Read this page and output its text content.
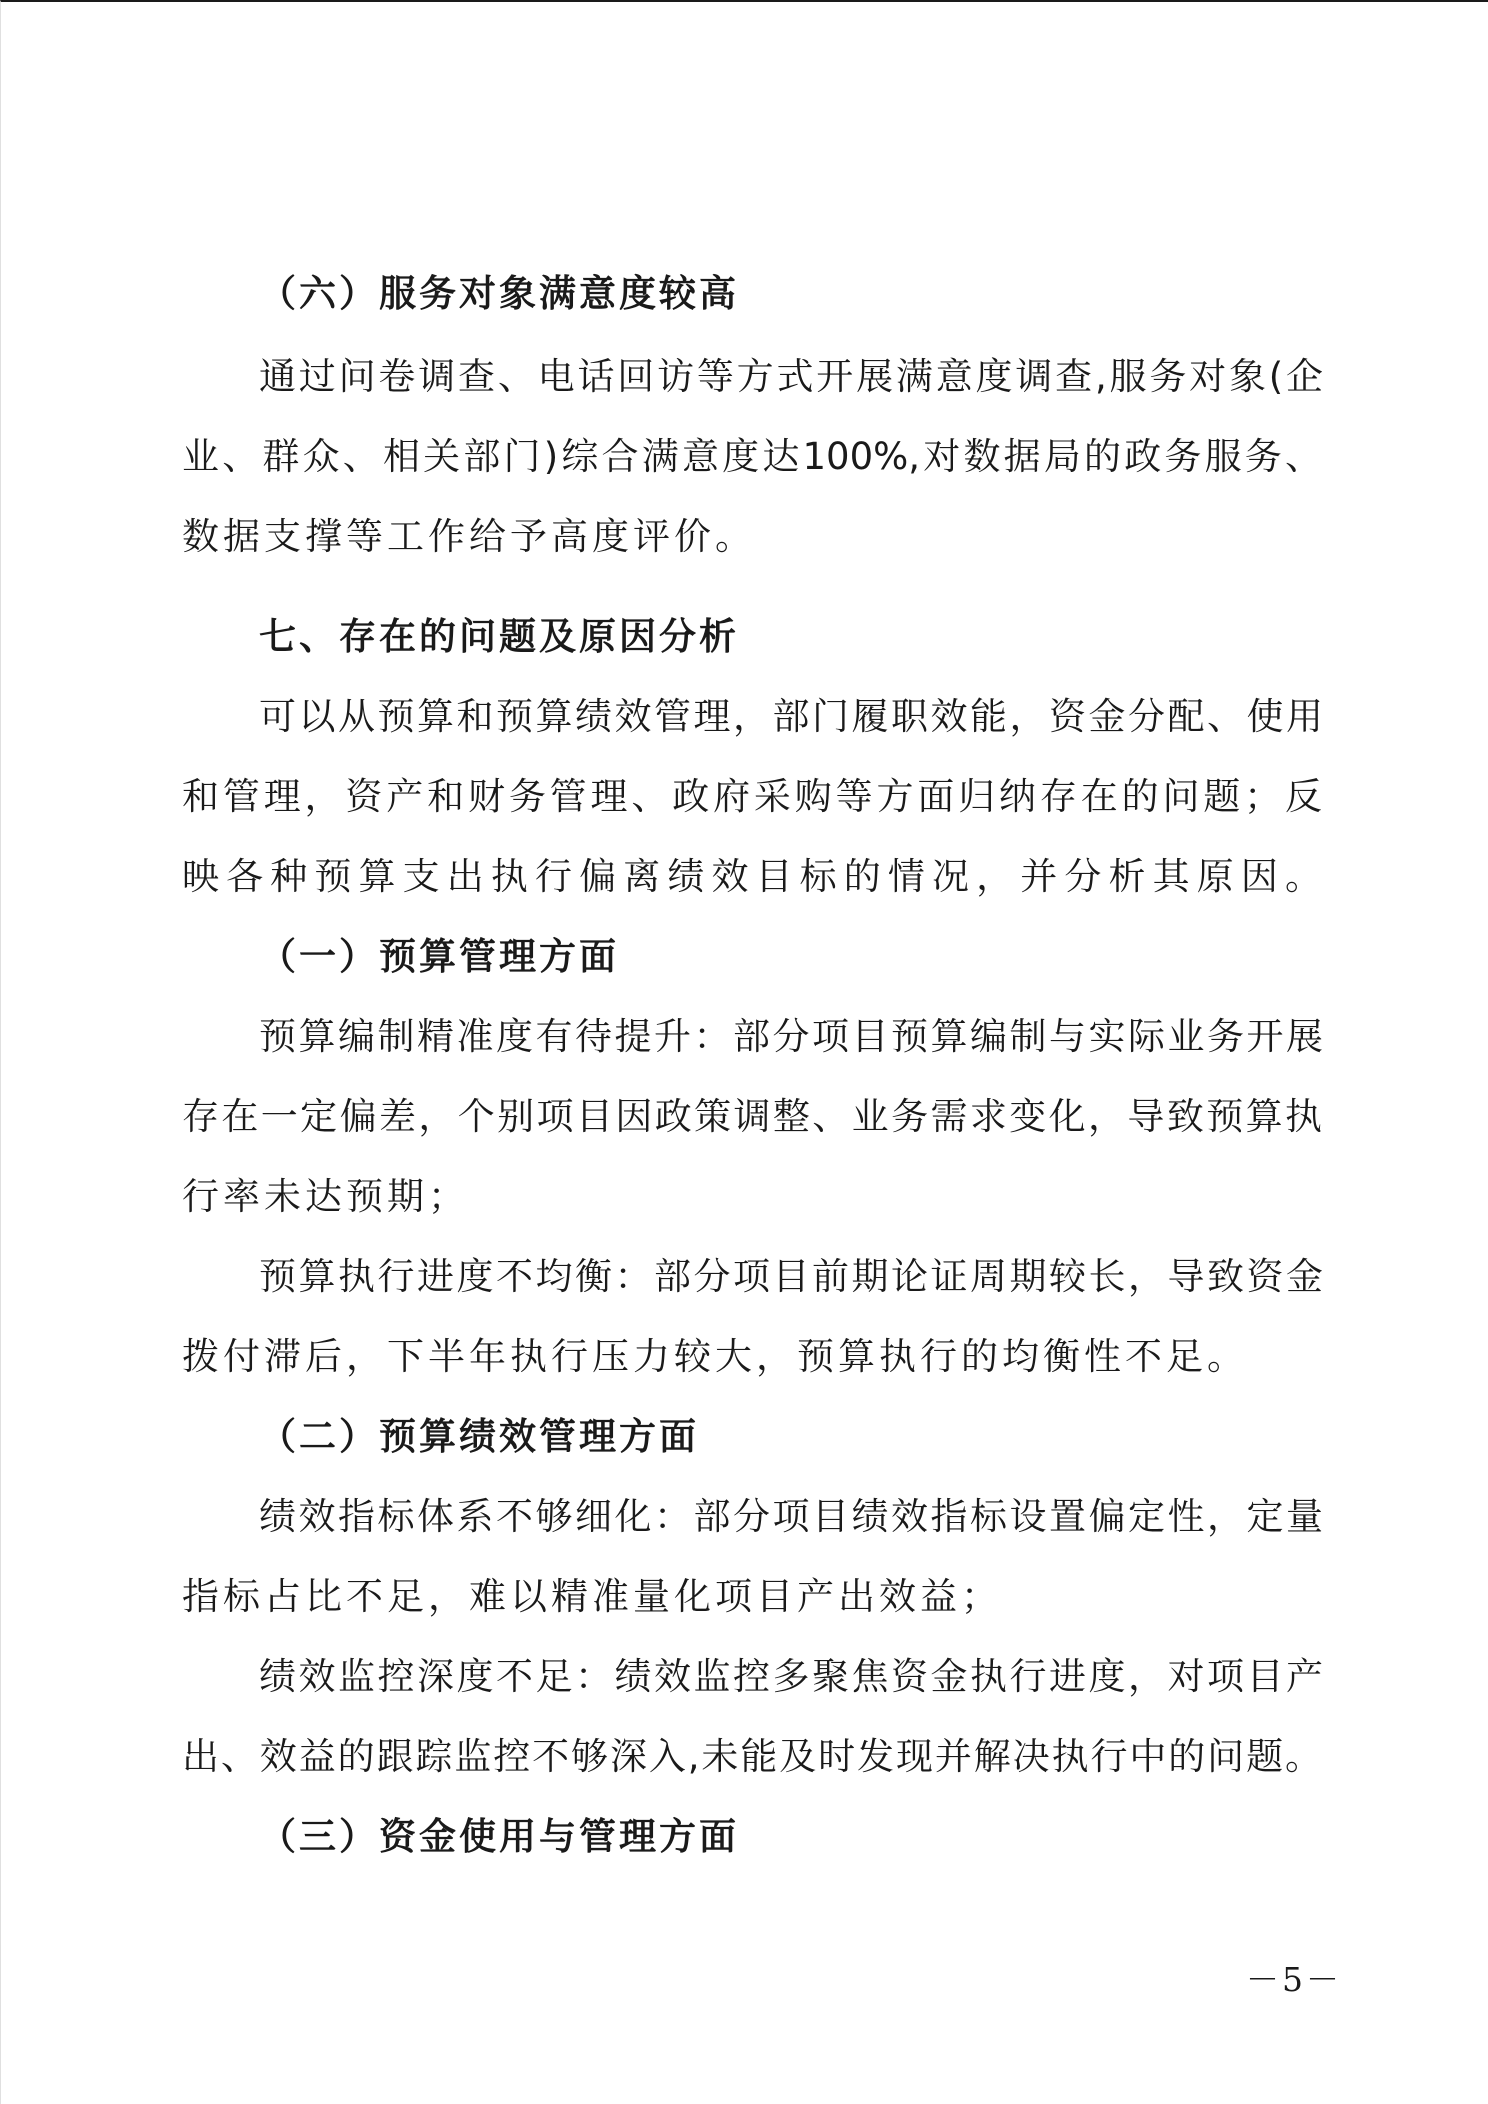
（六）服务对象满意度较高
通过问卷调查、电话回访等方式开展满意度调查,服务对象(企
业、群众、相关部门)综合满意度达100%,对数据局的政务服务、
数据支撑等工作给予高度评价。
七、存在的问题及原因分析
可以从预算和预算绩效管理，部门履职效能，资金分配、使用
和管理，资产和财务管理、政府采购等方面归纳存在的问题；反
映各种预算支出执行偏离绩效目标的情况，并分析其原因。
（一）预算管理方面
预算编制精准度有待提升：部分项目预算编制与实际业务开展
存在一定偏差，个别项目因政策调整、业务需求变化，导致预算执
行率未达预期；
预算执行进度不均衡：部分项目前期论证周期较长，导致资金
拨付滞后，下半年执行压力较大，预算执行的均衡性不足。
（二）预算绩效管理方面
绩效指标体系不够细化：部分项目绩效指标设置偏定性，定量
指标占比不足，难以精准量化项目产出效益；
绩效监控深度不足：绩效监控多聚焦资金执行进度，对项目产
出、效益的跟踪监控不够深入,未能及时发现并解决执行中的问题。
（三）资金使用与管理方面
－5－
